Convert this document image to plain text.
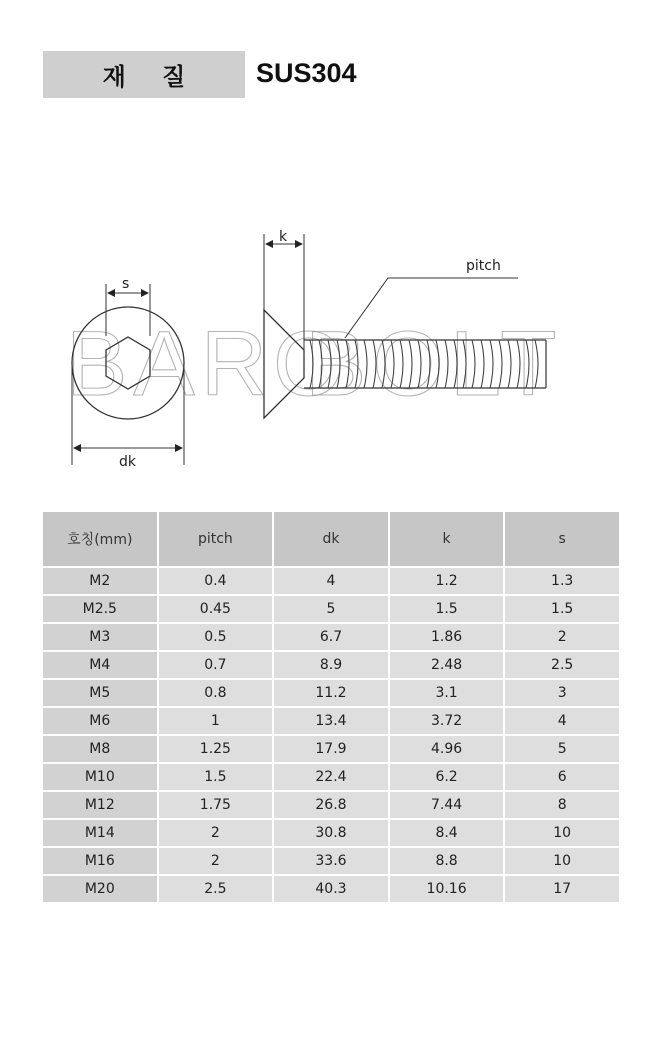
재 질	SUS304
BARO
BOLT
s
dk
k
pitch
호칭(mm)	pitch	dk	k	s
M2	0.4	4	1.2	1.3
M2.5	0.45	5	1.5	1.5
M3	0.5	6.7	1.86	2
M4	0.7	8.9	2.48	2.5
M5	0.8	11.2	3.1	3
M6	1	13.4	3.72	4
M8	1.25	17.9	4.96	5
M10	1.5	22.4	6.2	6
M12	1.75	26.8	7.44	8
M14	2	30.8	8.4	10
M16	2	33.6	8.8	10
M20	2.5	40.3	10.16	17
